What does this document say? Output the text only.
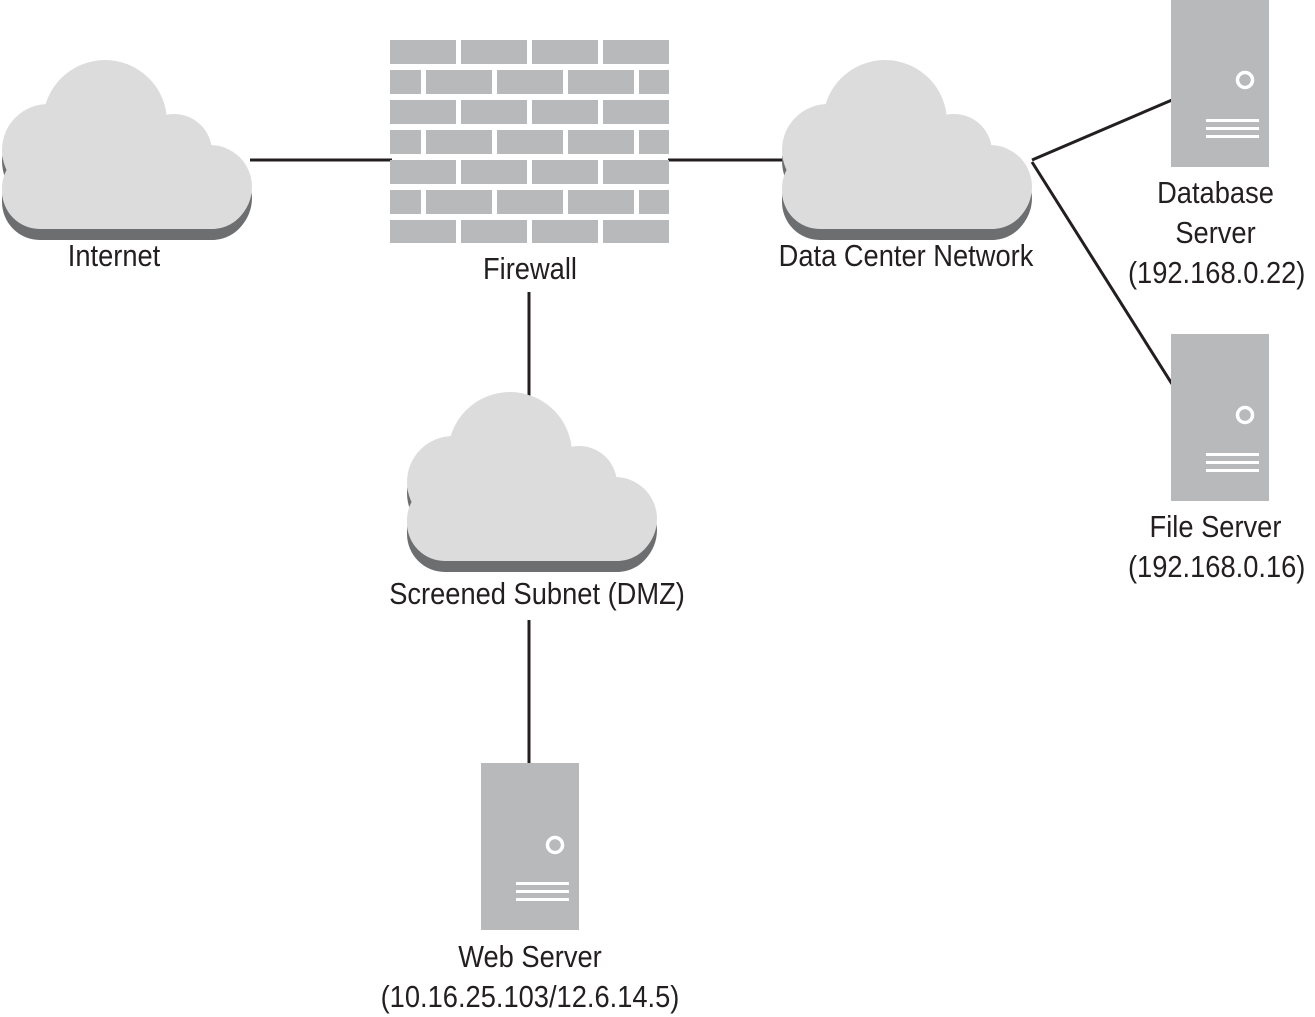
Internet	Firewall	Data Center Network
Screened Subnet (DMZ)
Database
Server
(192.168.0.22)
File Server
(192.168.0.16)
Web Server
(10.16.25.103/12.6.14.5)
